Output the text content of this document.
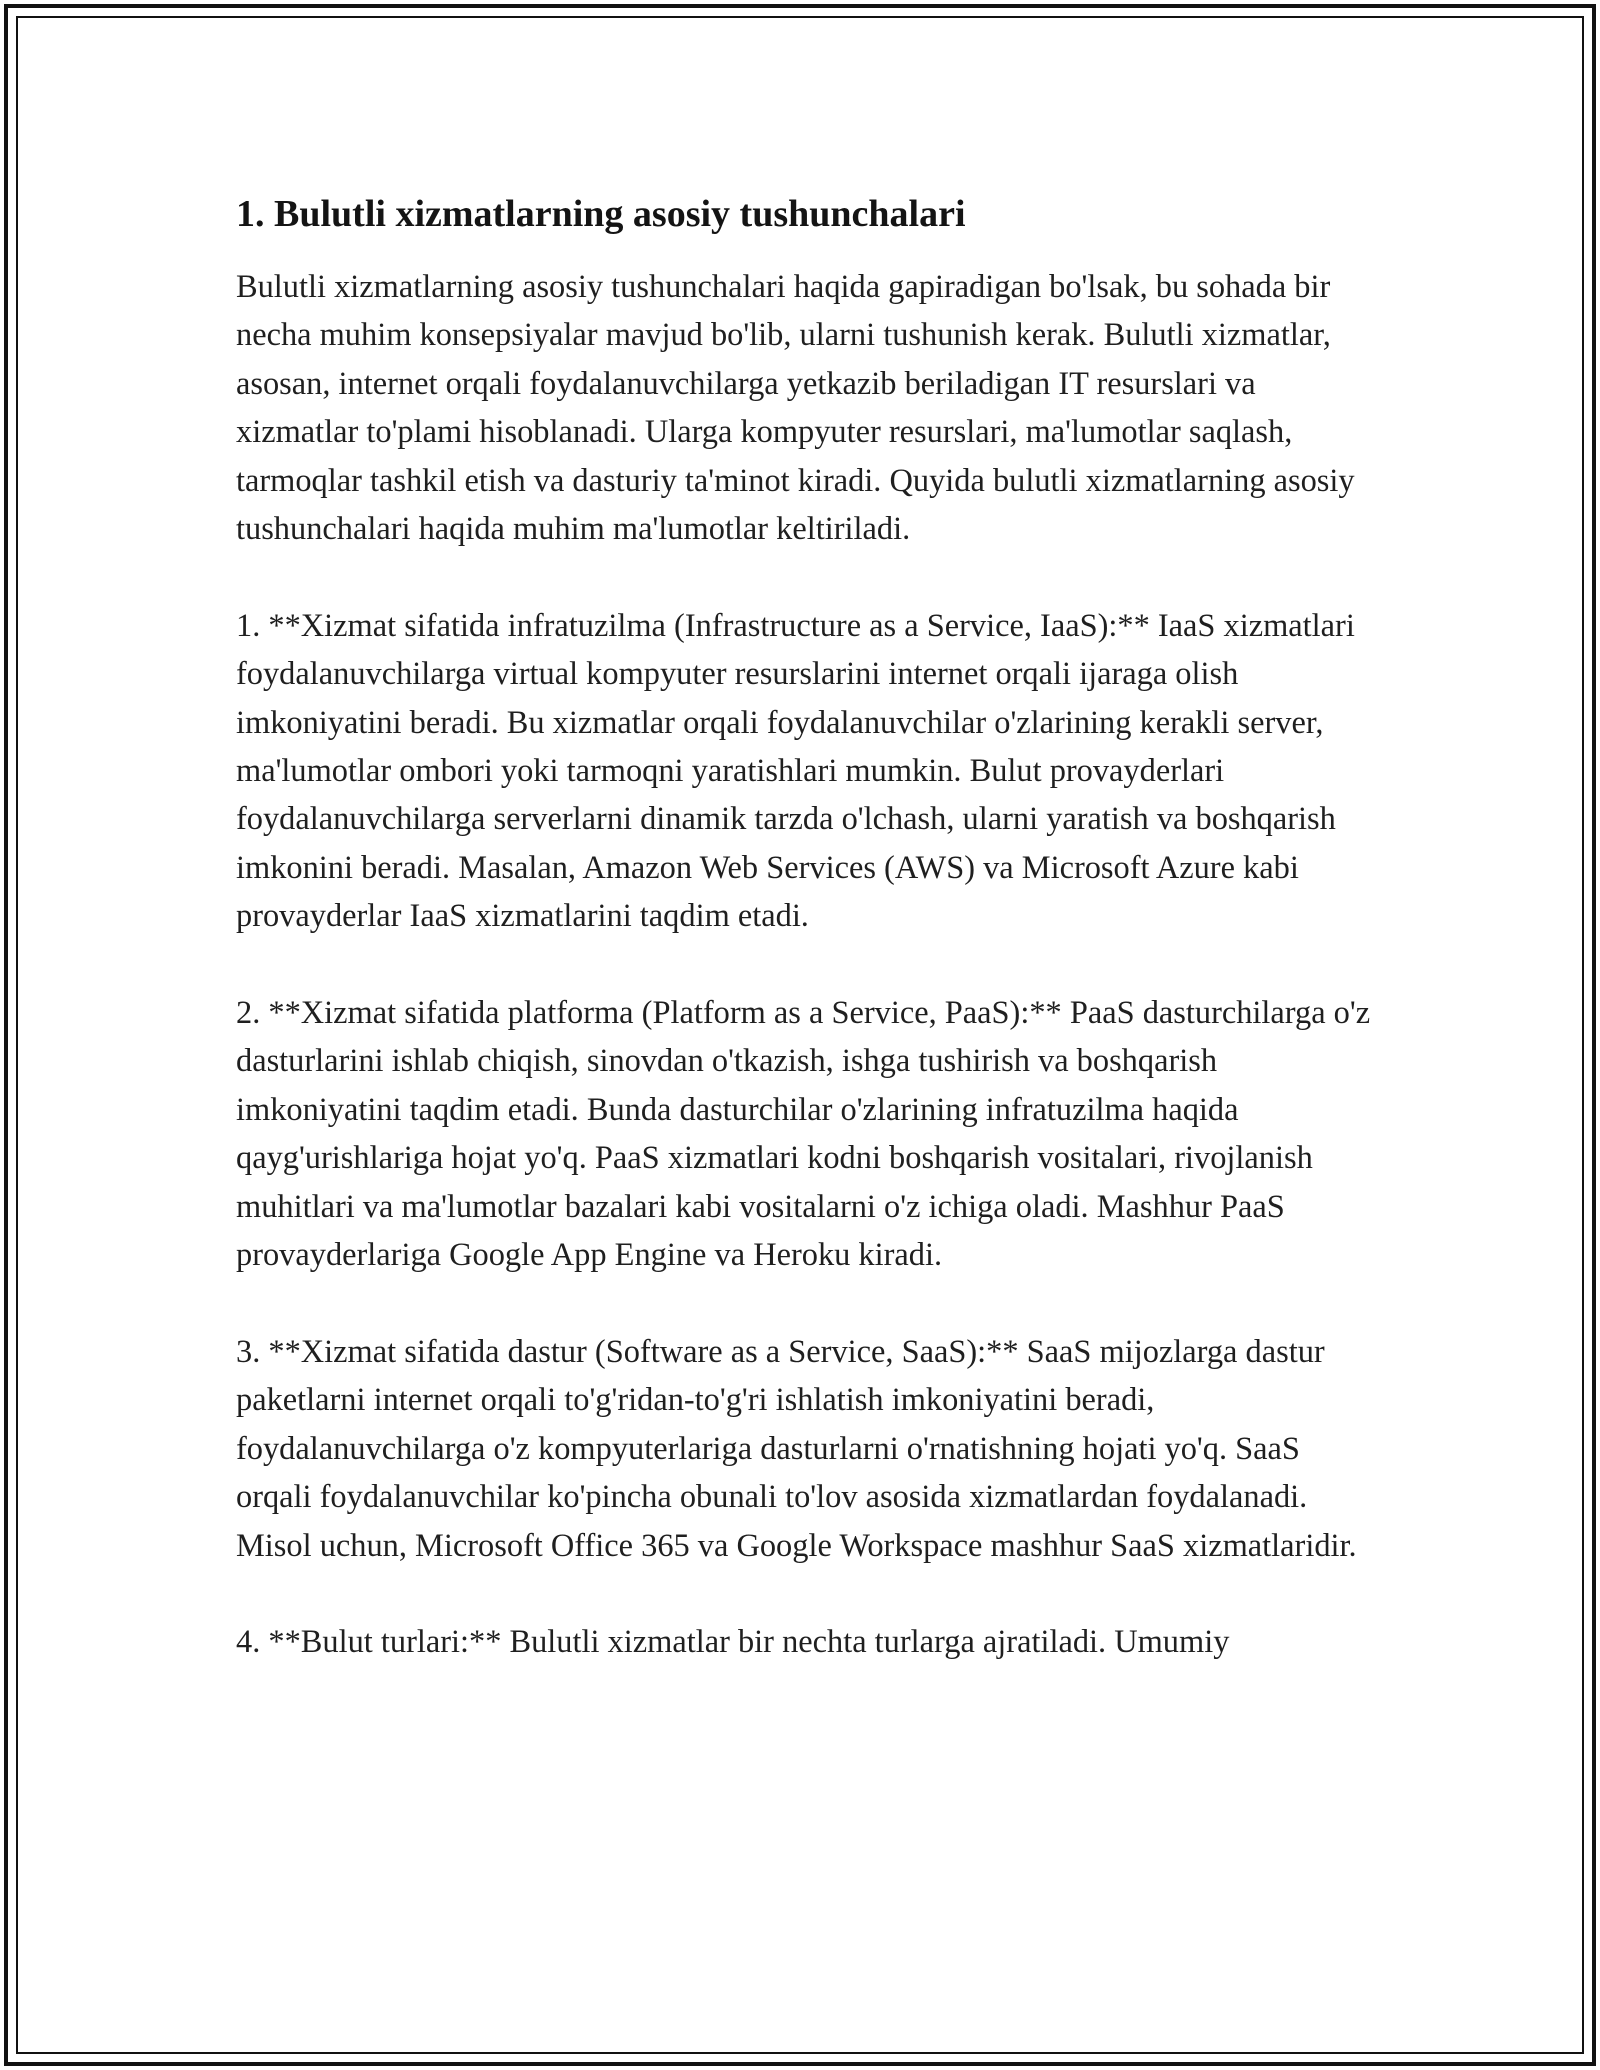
1. Bulutli xizmatlarning asosiy tushunchalari

Bulutli xizmatlarning asosiy tushunchalari haqida gapiradigan bo'lsak, bu sohada bir necha muhim konsepsiyalar mavjud bo'lib, ularni tushunish kerak. Bulutli xizmatlar, asosan, internet orqali foydalanuvchilarga yetkazib beriladigan IT resurslari va xizmatlar to'plami hisoblanadi. Ularga kompyuter resurslari, ma'lumotlar saqlash, tarmoqlar tashkil etish va dasturiy ta'minot kiradi. Quyida bulutli xizmatlarning asosiy tushunchalari haqida muhim ma'lumotlar keltiriladi.

1. **Xizmat sifatida infratuzilma (Infrastructure as a Service, IaaS):** IaaS xizmatlari foydalanuvchilarga virtual kompyuter resurslarini internet orqali ijaraga olish imkoniyatini beradi. Bu xizmatlar orqali foydalanuvchilar o'zlarining kerakli server, ma'lumotlar ombori yoki tarmoqni yaratishlari mumkin. Bulut provayderlari foydalanuvchilarga serverlarni dinamik tarzda o'lchash, ularni yaratish va boshqarish imkonini beradi. Masalan, Amazon Web Services (AWS) va Microsoft Azure kabi provayderlar IaaS xizmatlarini taqdim etadi.

2. **Xizmat sifatida platforma (Platform as a Service, PaaS):** PaaS dasturchilarga o'z dasturlarini ishlab chiqish, sinovdan o'tkazish, ishga tushirish va boshqarish imkoniyatini taqdim etadi. Bunda dasturchilar o'zlarining infratuzilma haqida qayg'urishlariga hojat yo'q. PaaS xizmatlari kodni boshqarish vositalari, rivojlanish muhitlari va ma'lumotlar bazalari kabi vositalarni o'z ichiga oladi. Mashhur PaaS provayderlariga Google App Engine va Heroku kiradi.

3. **Xizmat sifatida dastur (Software as a Service, SaaS):** SaaS mijozlarga dastur paketlarni internet orqali to'g'ridan-to'g'ri ishlatish imkoniyatini beradi, foydalanuvchilarga o'z kompyuterlariga dasturlarni o'rnatishning hojati yo'q. SaaS orqali foydalanuvchilar ko'pincha obunali to'lov asosida xizmatlardan foydalanadi. Misol uchun, Microsoft Office 365 va Google Workspace mashhur SaaS xizmatlaridir.

4. **Bulut turlari:** Bulutli xizmatlar bir nechta turlarga ajratiladi. Umumiy
